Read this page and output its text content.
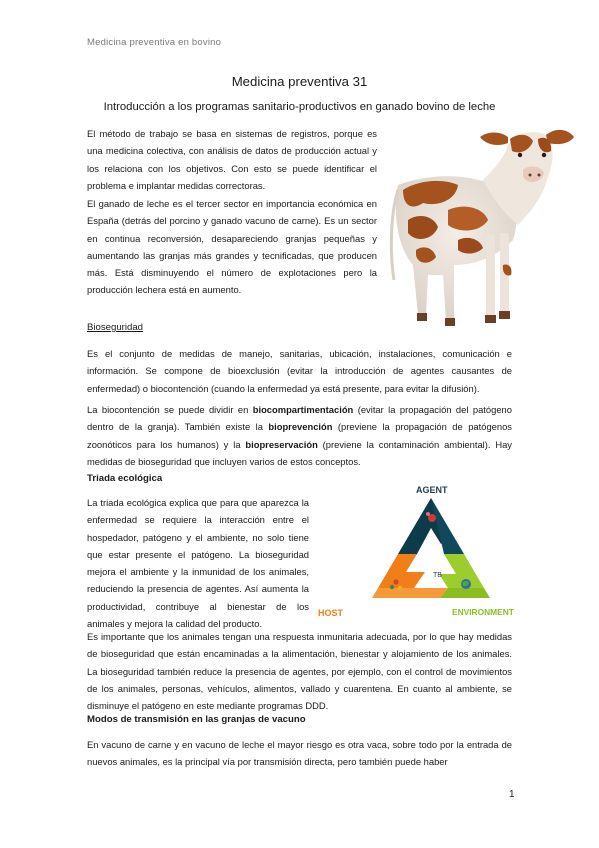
Medicina preventiva en bovino
Medicina preventiva 31
Introducción a los programas sanitario-productivos en ganado bovino de leche

El método de trabajo se basa en sistemas de registros, porque es una medicina colectiva, con análisis de datos de producción actual y los relaciona con los objetivos. Con esto se puede identificar el problema e implantar medidas correctoras.

El ganado de leche es el tercer sector en importancia económica en España (detrás del porcino y ganado vacuno de carne). Es un sector en continua reconversión, desapareciendo granjas pequeñas y aumentando las granjas más grandes y tecnificadas, que producen más. Está disminuyendo el número de explotaciones pero la producción lechera está en aumento.

Bioseguridad

Es el conjunto de medidas de manejo, sanitarias, ubicación, instalaciones, comunicación e información. Se compone de bioexclusión (evitar la introducción de agentes causantes de enfermedad) o biocontención (cuando la enfermedad ya está presente, para evitar la difusión).

La biocontención se puede dividir en biocompartimentación (evitar la propagación del patógeno dentro de la granja). También existe la bioprevención (previene la propagación de patógenos zoonóticos para los humanos) y la biopreservación (previene la contaminación ambiental). Hay medidas de bioseguridad que incluyen varios de estos conceptos.

Triada ecológica

La triada ecológica explica que para que aparezca la enfermedad se requiere la interacción entre el hospedador, patógeno y el ambiente, no solo tiene que estar presente el patógeno. La bioseguridad mejora el ambiente y la inmunidad de los animales, reduciendo la presencia de agentes. Así aumenta la productividad, contribuye al bienestar de los animales y mejora la calidad del producto.

TB
AGENT
HOST	ENVIRONMENT

Es importante que los animales tengan una respuesta inmunitaria adecuada, por lo que hay medidas de bioseguridad que están encaminadas a la alimentación, bienestar y alojamiento de los animales. La bioseguridad también reduce la presencia de agentes, por ejemplo, con el control de movimientos de los animales, personas, vehículos, alimentos, vallado y cuarentena. En cuanto al ambiente, se disminuye el patógeno en este mediante programas DDD.

Modos de transmisión en las granjas de vacuno

En vacuno de carne y en vacuno de leche el mayor riesgo es otra vaca, sobre todo por la entrada de nuevos animales, es la principal vía por transmisión directa, pero también puede haber

1
